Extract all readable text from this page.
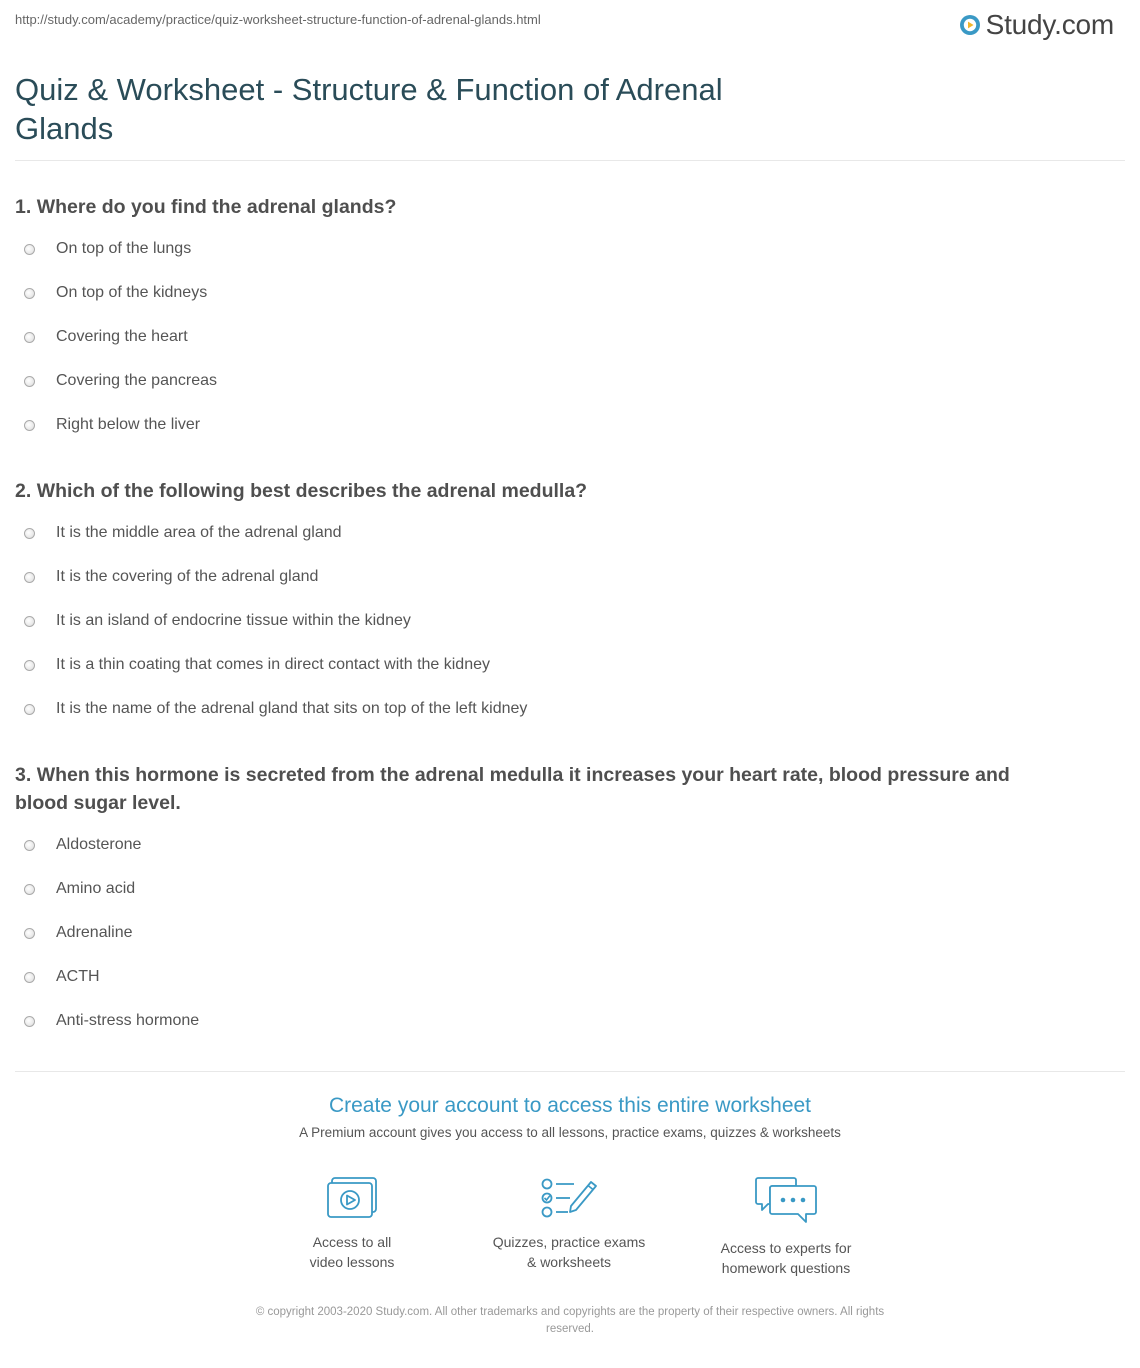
http://study.com/academy/practice/quiz-worksheet-structure-function-of-adrenal-glands.html	Study.com
Quiz & Worksheet - Structure & Function of Adrenal
Glands

1. Where do you find the adrenal glands?

On top of the lungs
On top of the kidneys
Covering the heart
Covering the pancreas
Right below the liver

2. Which of the following best describes the adrenal medulla?

It is the middle area of the adrenal gland
It is the covering of the adrenal gland
It is an island of endocrine tissue within the kidney
It is a thin coating that comes in direct contact with the kidney
It is the name of the adrenal gland that sits on top of the left kidney

3. When this hormone is secreted from the adrenal medulla it increases your heart rate, blood pressure and
blood sugar level.

Aldosterone
Amino acid
Adrenaline
ACTH
Anti-stress hormone
Create your account to access this entire worksheet
A Premium account gives you access to all lessons, practice exams, quizzes & worksheets
Access to all
video lessons
Quizzes, practice exams
& worksheets
Access to experts for
homework questions
© copyright 2003-2020 Study.com. All other trademarks and copyrights are the property of their respective owners. All rights
reserved.
